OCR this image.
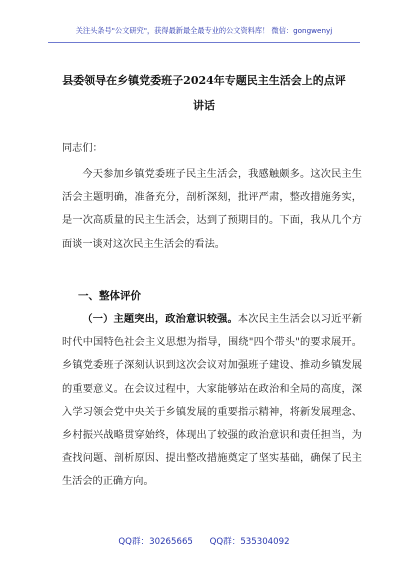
关注头条号"公文研究"，获得最新最全最专业的公文资料库！ 微信：gongwenyj
县委领导在乡镇党委班子2024年专题民主生活会上的点评
讲话
同志们：
今天参加乡镇党委班子民主生活会，我感触颇多。这次民主生活会主题明确，准备充分，剖析深刻，批评严肃，整改措施务实，是一次高质量的民主生活会，达到了预期目的。下面，我从几个方面谈一谈对这次民主生活会的看法。
一、整体评价
（一）主题突出，政治意识较强。本次民主生活会以习近平新时代中国特色社会主义思想为指导，围绕"四个带头"的要求展开。乡镇党委班子深刻认识到这次会议对加强班子建设、推动乡镇发展的重要意义。在会议过程中，大家能够站在政治和全局的高度，深入学习领会党中央关于乡镇发展的重要指示精神，将新发展理念、乡村振兴战略贯穿始终，体现出了较强的政治意识和责任担当，为查找问题、剖析原因、提出整改措施奠定了坚实基础，确保了民主生活会的正确方向。
QQ群：30265665 QQ群：535304092
